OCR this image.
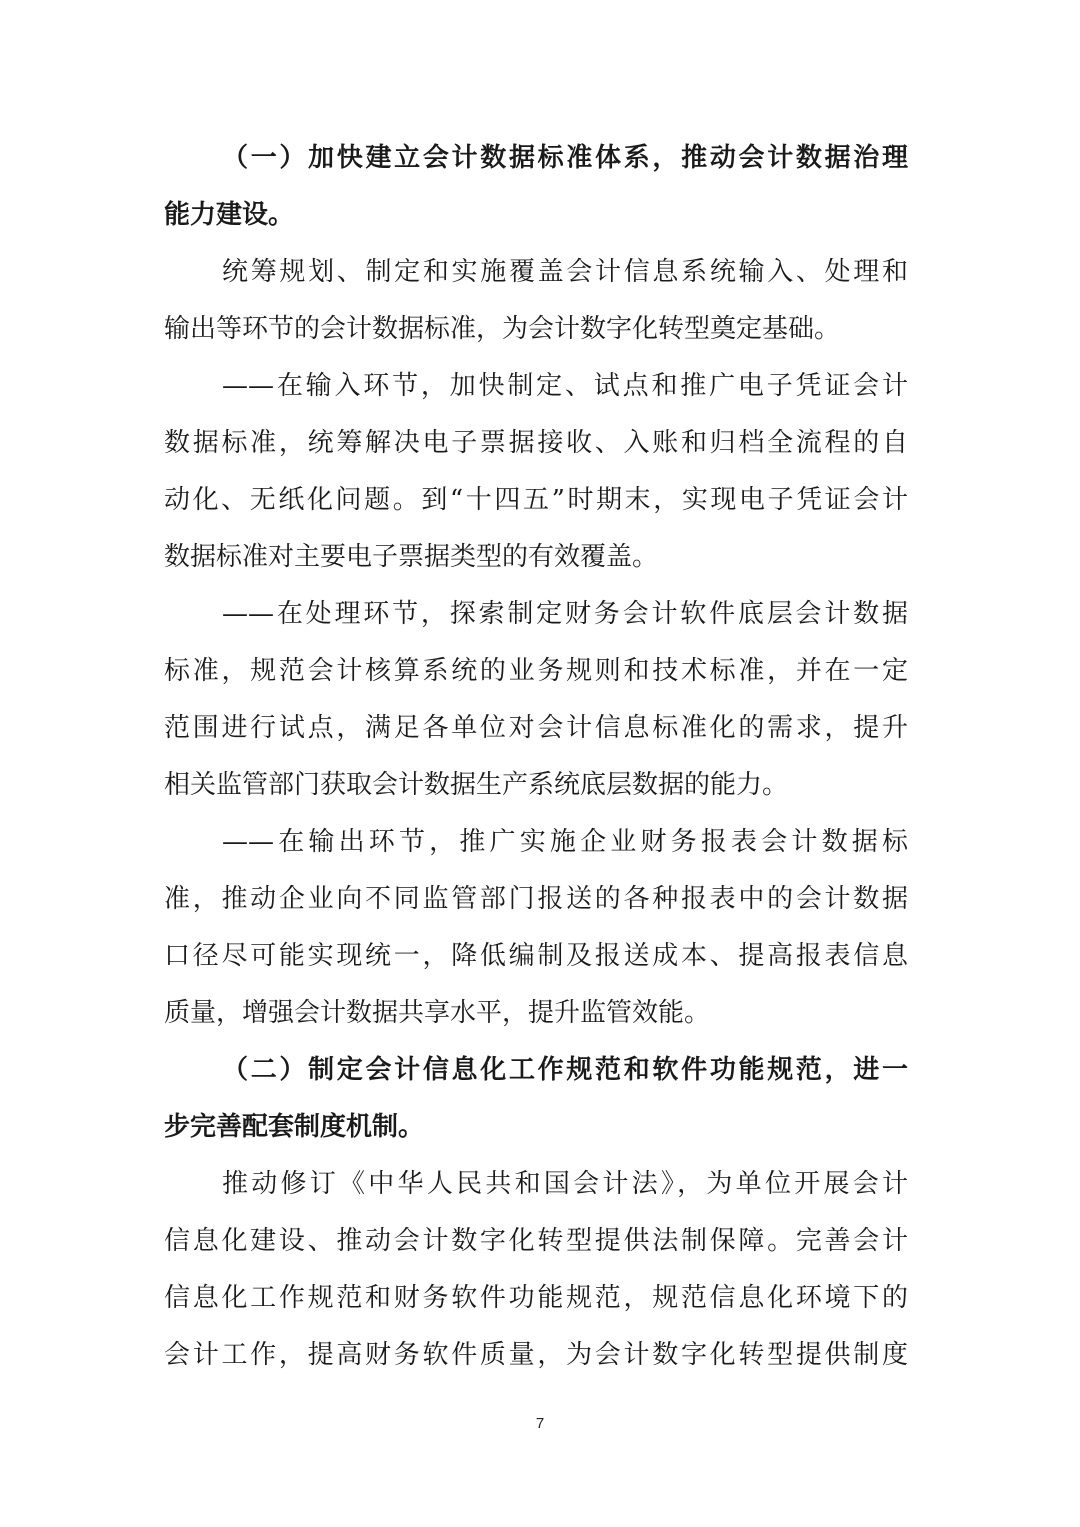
（一）加快建立会计数据标准体系，推动会计数据治理
能力建设。
统筹规划、制定和实施覆盖会计信息系统输入、处理和
输出等环节的会计数据标准，为会计数字化转型奠定基础。
——在输入环节，加快制定、试点和推广电子凭证会计
数据标准，统筹解决电子票据接收、入账和归档全流程的自
动化、无纸化问题。到“十四五”时期末，实现电子凭证会计
数据标准对主要电子票据类型的有效覆盖。
——在处理环节，探索制定财务会计软件底层会计数据
标准，规范会计核算系统的业务规则和技术标准，并在一定
范围进行试点，满足各单位对会计信息标准化的需求，提升
相关监管部门获取会计数据生产系统底层数据的能力。
——在输出环节，推广实施企业财务报表会计数据标
准，推动企业向不同监管部门报送的各种报表中的会计数据
口径尽可能实现统一，降低编制及报送成本、提高报表信息
质量，增强会计数据共享水平，提升监管效能。
（二）制定会计信息化工作规范和软件功能规范，进一
步完善配套制度机制。
推动修订《中华人民共和国会计法》，为单位开展会计
信息化建设、推动会计数字化转型提供法制保障。完善会计
信息化工作规范和财务软件功能规范，规范信息化环境下的
会计工作，提高财务软件质量，为会计数字化转型提供制度
7
